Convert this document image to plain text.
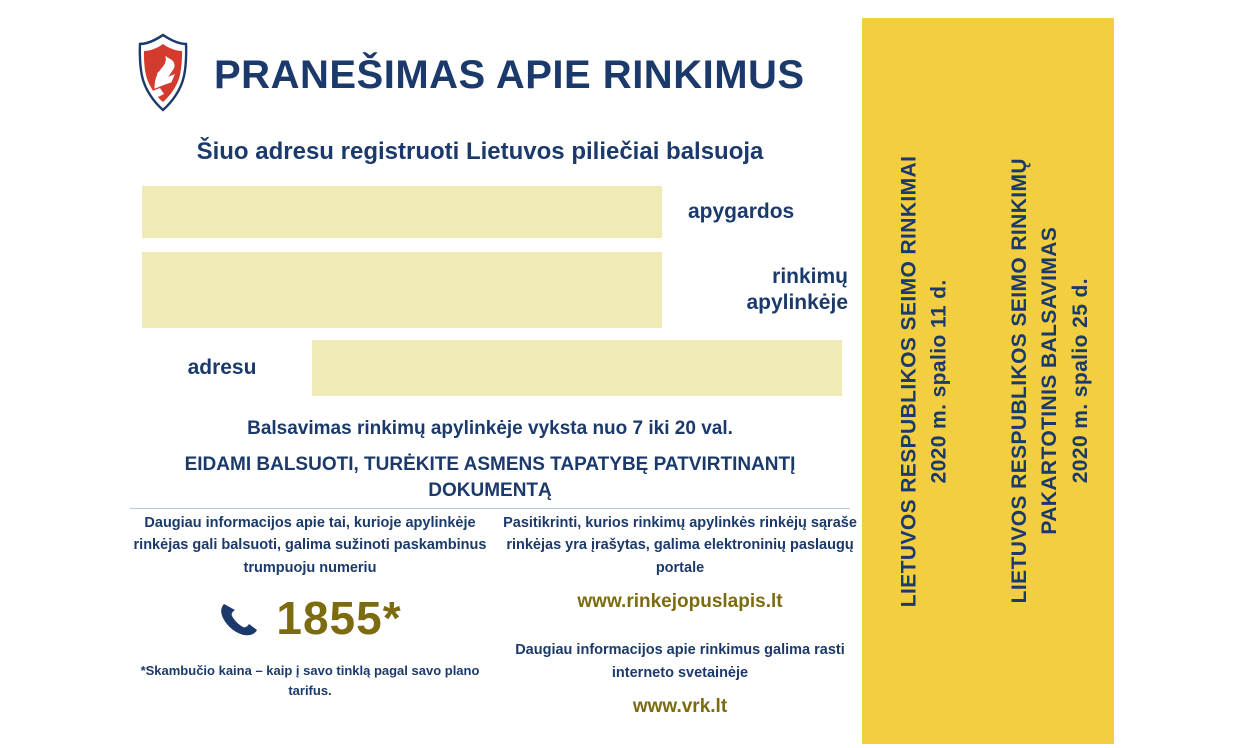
PRANEŠIMAS APIE RINKIMUS
Šiuo adresu registruoti Lietuvos piliečiai balsuoja
apygardos
rinkimų
apylinkėje
adresu
Balsavimas rinkimų apylinkėje vyksta nuo 7 iki 20 val.
EIDAMI BALSUOTI, TURĖKITE ASMENS TAPATYBĘ PATVIRTINANTĮ
DOKUMENTĄ
Daugiau informacijos apie tai, kurioje apylinkėje rinkėjas gali balsuoti, galima sužinoti paskambinus trumpuoju numeriu
1855*
*Skambučio kaina – kaip į savo tinklą pagal savo plano tarifus.
Pasitikrinti, kurios rinkimų apylinkės rinkėjų sąraše rinkėjas yra įrašytas, galima elektroninių paslaugų portale
www.rinkejopuslapis.lt
Daugiau informacijos apie rinkimus galima rasti interneto svetainėje
www.vrk.lt
LIETUVOS RESPUBLIKOS SEIMO RINKIMAI 2020 m. spalio 11 d.	LIETUVOS RESPUBLIKOS SEIMO RINKIMŲ PAKARTOTINIS BALSAVIMAS 2020 m. spalio 25 d.
